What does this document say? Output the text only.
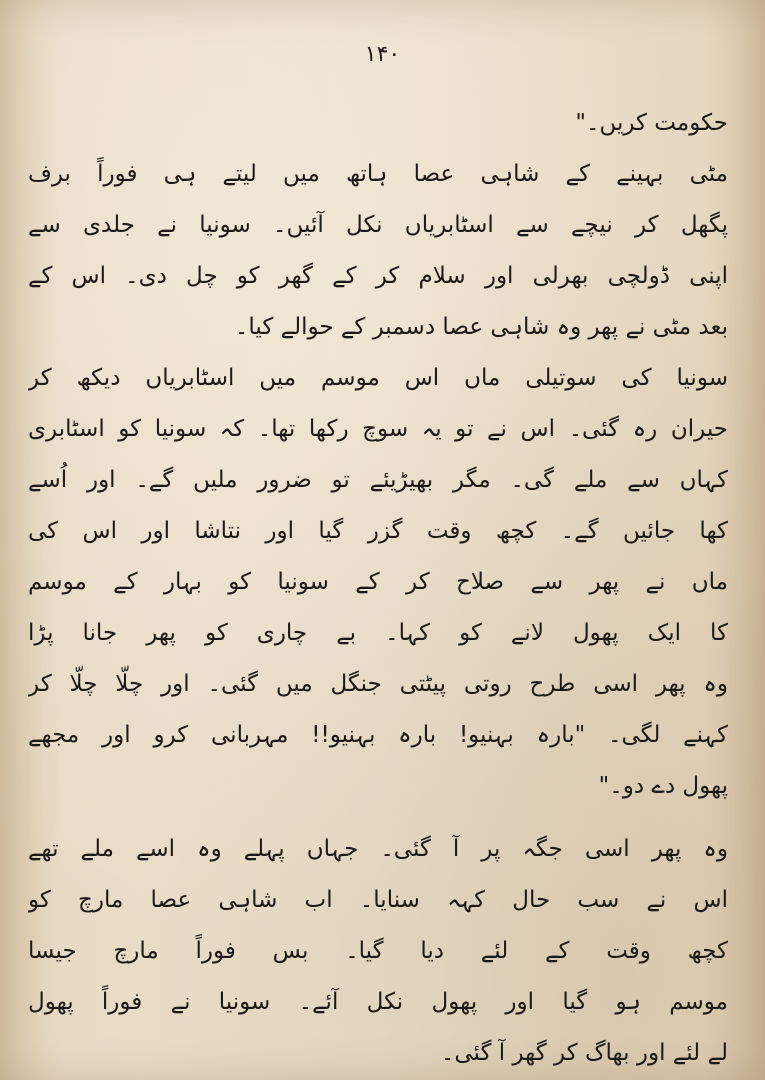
۱۴۰
حکومت کریں۔"
مٹی بہینے کے شاہی عصا ہاتھ میں لیتے ہی فوراً برف
پگھل کر نیچے سے اسٹابریاں نکل آئیں۔ سونیا نے جلدی سے
اپنی ڈولچی بھرلی اور سلام کر کے گھر کو چل دی۔ اس کے
بعد مٹی نے پھر وہ شاہی عصا دسمبر کے حوالے کیا۔
سونیا کی سوتیلی ماں اس موسم میں اسٹابریاں دیکھ کر
حیران رہ گئی۔ اس نے تو یہ سوچ رکھا تھا۔ کہ سونیا کو اسٹابری
کہاں سے ملے گی۔ مگر بھیڑیئے تو ضرور ملیں گے۔ اور اُسے
کھا جائیں گے۔ کچھ وقت گزر گیا اور نتاشا اور اس کی
ماں نے پھر سے صلاح کر کے سونیا کو بہار کے موسم
کا ایک پھول لانے کو کہا۔ بے چاری کو پھر جانا پڑا
وہ پھر اسی طرح روتی پیٹتی جنگل میں گئی۔ اور چلّا چلّا کر
کہنے لگی۔ "بارہ بہنیو! بارہ بہنیو!! مہربانی کرو اور مجھے
پھول دے دو۔"
وہ پھر اسی جگہ پر آ گئی۔ جہاں پہلے وہ اسے ملے تھے
اس نے سب حال کہہ سنایا۔ اب شاہی عصا مارچ کو
کچھ وقت کے لئے دیا گیا۔ بس فوراً مارچ جیسا
موسم ہو گیا اور پھول نکل آئے۔ سونیا نے فوراً پھول
لے لئے اور بھاگ کر گھر آ گئی۔
